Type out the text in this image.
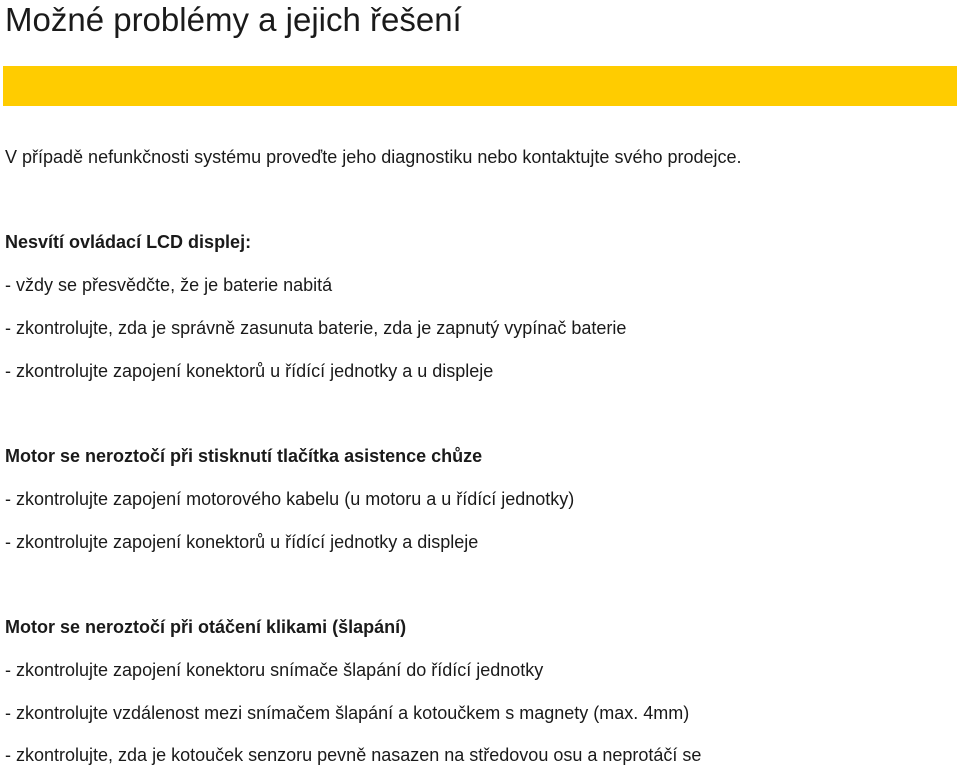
Možné problémy a jejich řešení
V případě nefunkčnosti systému proveďte jeho diagnostiku nebo kontaktujte svého prodejce.
Nesvítí ovládací LCD displej:
- vždy se přesvědčte, že je baterie nabitá
- zkontrolujte, zda je správně zasunuta baterie, zda je zapnutý vypínač baterie
- zkontrolujte zapojení konektorů u řídící jednotky a u displeje
Motor se neroztočí při stisknutí tlačítka asistence chůze
- zkontrolujte zapojení motorového kabelu (u motoru a u řídící jednotky)
- zkontrolujte zapojení konektorů u řídící jednotky a displeje
Motor se neroztočí při otáčení klikami (šlapání)
- zkontrolujte zapojení konektoru snímače šlapání do řídící jednotky
- zkontrolujte vzdálenost mezi snímačem šlapání a kotoučkem s magnety (max. 4mm)
- zkontrolujte, zda je kotouček senzoru pevně nasazen na středovou osu a neprotáčí se
